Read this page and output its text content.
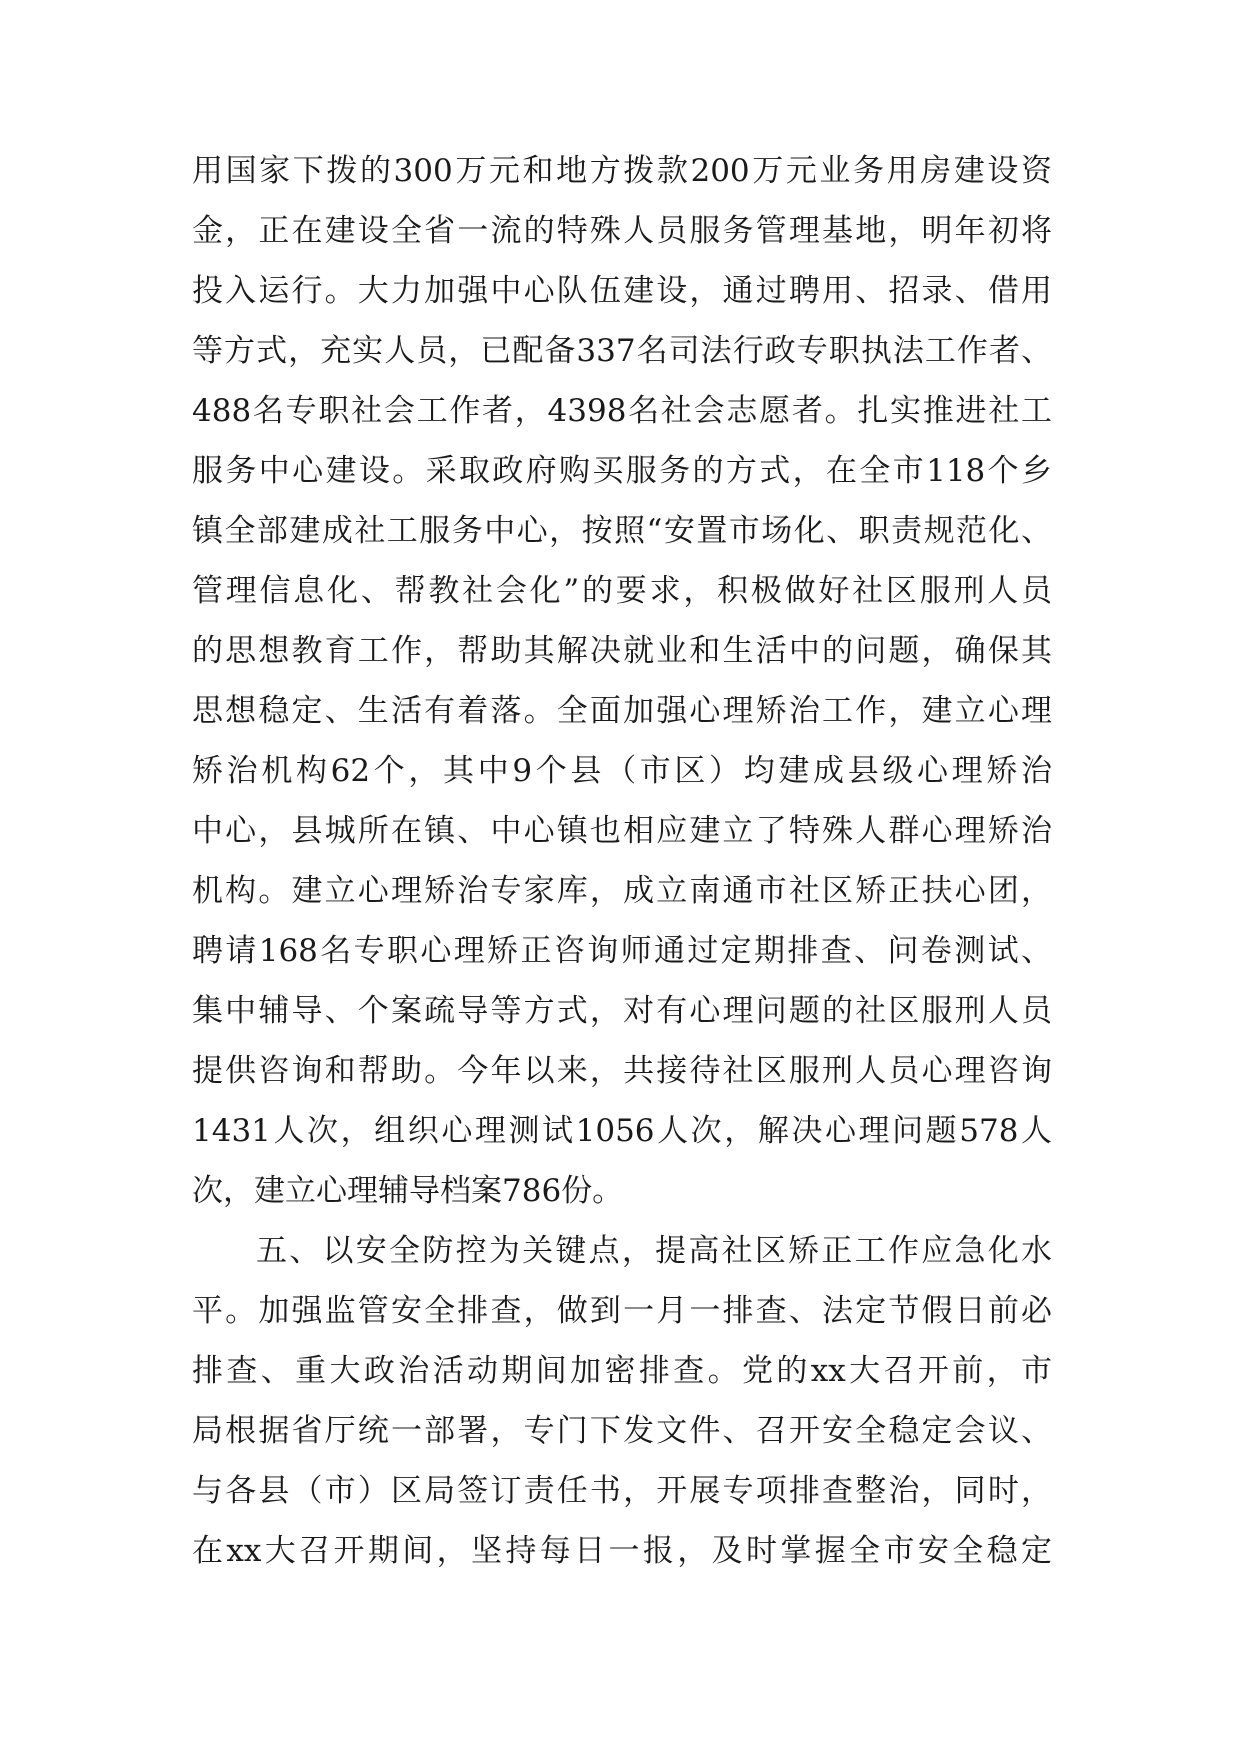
用国家下拨的300万元和地方拨款200万元业务用房建设资
金，正在建设全省一流的特殊人员服务管理基地，明年初将
投入运行。大力加强中心队伍建设，通过聘用、招录、借用
等方式，充实人员，已配备337名司法行政专职执法工作者、
488名专职社会工作者，4398名社会志愿者。扎实推进社工
服务中心建设。采取政府购买服务的方式，在全市118个乡
镇全部建成社工服务中心，按照“安置市场化、职责规范化、
管理信息化、帮教社会化”的要求，积极做好社区服刑人员
的思想教育工作，帮助其解决就业和生活中的问题，确保其
思想稳定、生活有着落。全面加强心理矫治工作，建立心理
矫治机构62个，其中9个县（市区）均建成县级心理矫治
中心，县城所在镇、中心镇也相应建立了特殊人群心理矫治
机构。建立心理矫治专家库，成立南通市社区矫正扶心团，
聘请168名专职心理矫正咨询师通过定期排查、问卷测试、
集中辅导、个案疏导等方式，对有心理问题的社区服刑人员
提供咨询和帮助。今年以来，共接待社区服刑人员心理咨询
1431人次，组织心理测试1056人次，解决心理问题578人
次，建立心理辅导档案786份。
五、以安全防控为关键点，提高社区矫正工作应急化水
平。加强监管安全排查，做到一月一排查、法定节假日前必
排查、重大政治活动期间加密排查。党的xx大召开前，市
局根据省厅统一部署，专门下发文件、召开安全稳定会议、
与各县（市）区局签订责任书，开展专项排查整治，同时，
在xx大召开期间，坚持每日一报，及时掌握全市安全稳定
